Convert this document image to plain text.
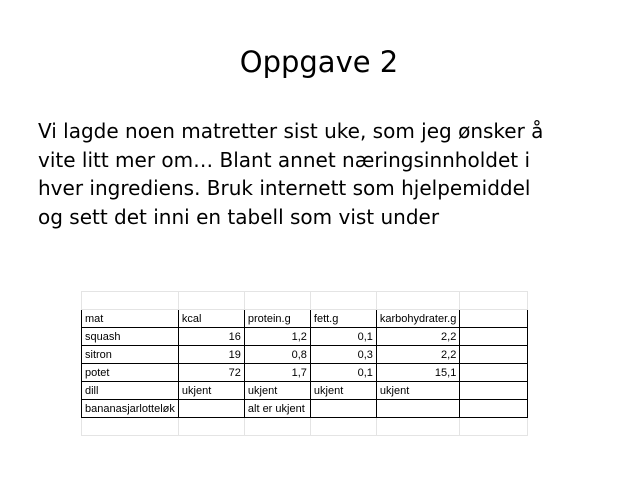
Oppgave 2
Vi lagde noen matretter sist uke, som jeg ønsker å
vite litt mer om… Blant annet næringsinnholdet i
hver ingrediens. Bruk internett som hjelpemiddel
og sett det inni en tabell som vist under

mat	kcal	protein.g	fett.g	karbohydrater.g	
squash	16	1,2	0,1	2,2	
sitron	19	0,8	0,3	2,2	
potet	72	1,7	0,1	15,1	
dill	ukjent	ukjent	ukjent	ukjent	
bananasjarlotteløk		alt er ukjent			
